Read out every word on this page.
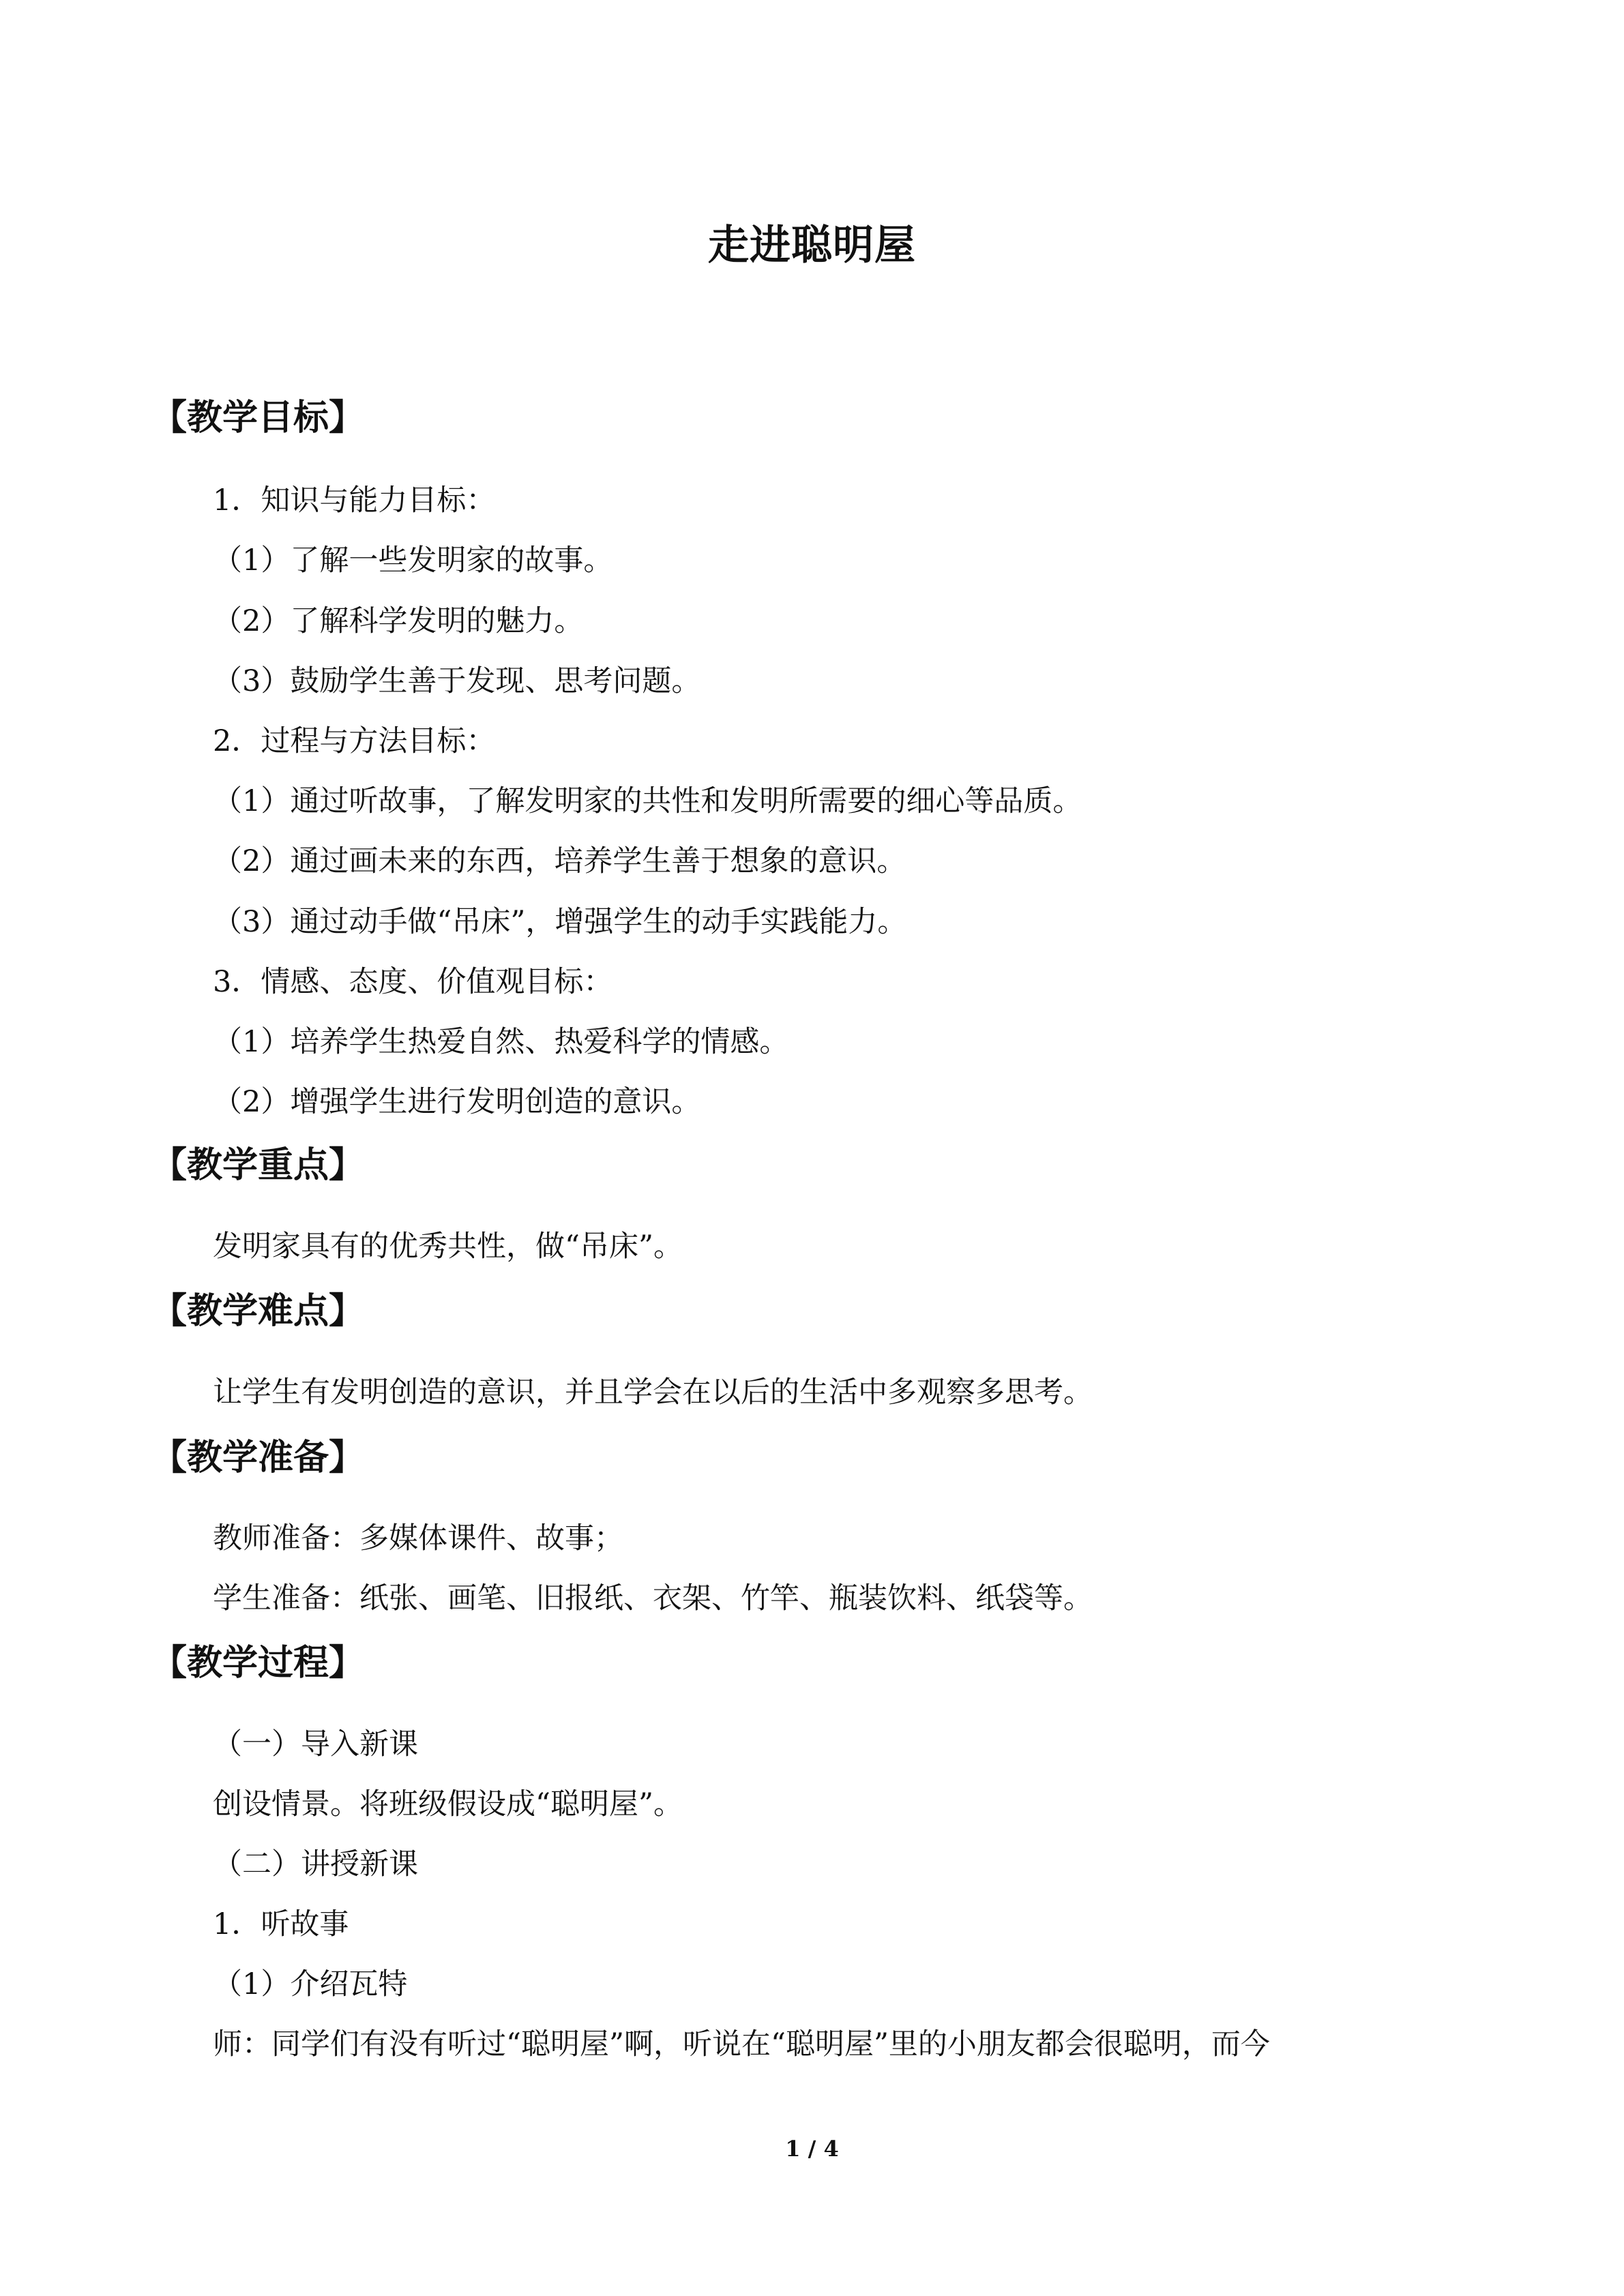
走进聪明屋
【教学目标】
1．知识与能力目标：
（1）了解一些发明家的故事。
（2）了解科学发明的魅力。
（3）鼓励学生善于发现、思考问题。
2．过程与方法目标：
（1）通过听故事，了解发明家的共性和发明所需要的细心等品质。
（2）通过画未来的东西，培养学生善于想象的意识。
（3）通过动手做“吊床”，增强学生的动手实践能力。
3．情感、态度、价值观目标：
（1）培养学生热爱自然、热爱科学的情感。
（2）增强学生进行发明创造的意识。
【教学重点】
发明家具有的优秀共性，做“吊床”。
【教学难点】
让学生有发明创造的意识，并且学会在以后的生活中多观察多思考。
【教学准备】
教师准备：多媒体课件、故事；
学生准备：纸张、画笔、旧报纸、衣架、竹竿、瓶装饮料、纸袋等。
【教学过程】
（一）导入新课
创设情景。将班级假设成“聪明屋”。
（二）讲授新课
1．听故事
（1）介绍瓦特
师：同学们有没有听过“聪明屋”啊，听说在“聪明屋”里的小朋友都会很聪明，而今
1 / 4
